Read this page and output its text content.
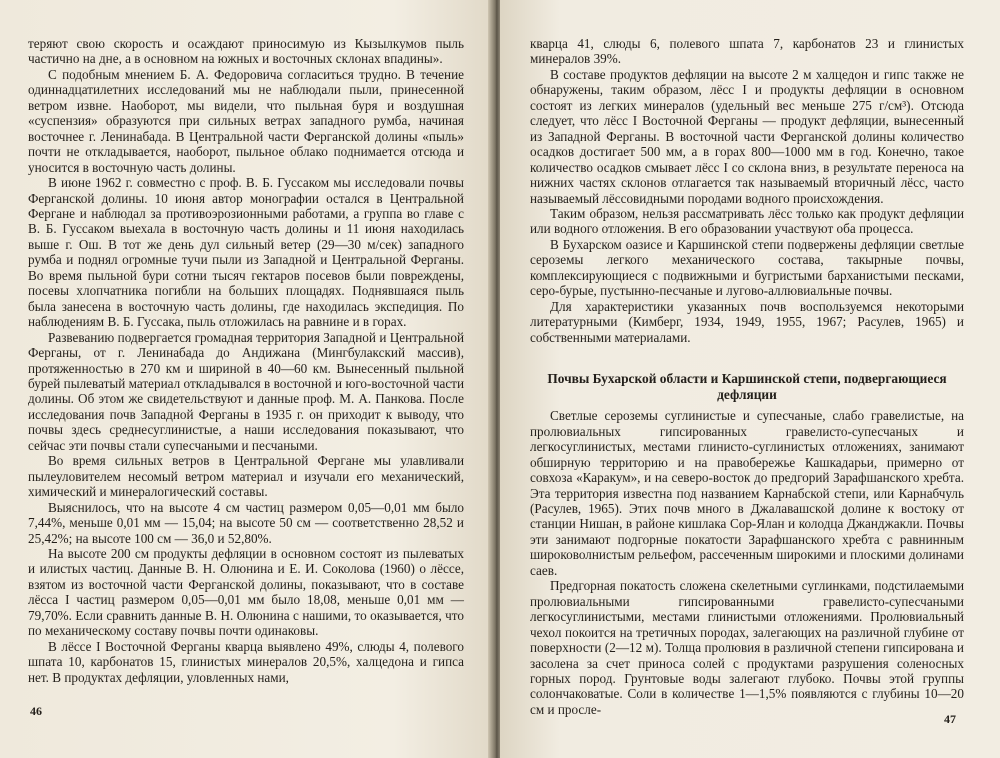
теряют свою скорость и осаждают приносимую из Кызылкумов пыль частично на дне, а в основном на южных и восточных склонах впадины».

С подобным мнением Б. А. Федоровича согласиться трудно. В течение одиннадцатилетних исследований мы не наблюдали пыли, принесенной ветром извне. Наоборот, мы видели, что пыльная буря и воздушная «суспензия» образуются при сильных ветрах западного румба, начиная восточнее г. Ленинабада. В Центральной части Ферганской долины «пыль» почти не откладывается, наоборот, пыльное облако поднимается отсюда и уносится в восточную часть долины.

В июне 1962 г. совместно с проф. В. Б. Гуссаком мы исследовали почвы Ферганской долины. 10 июня автор монографии остался в Центральной Фергане и наблюдал за противоэрозионными работами, а группа во главе с В. Б. Гуссаком выехала в восточную часть долины и 11 июня находилась выше г. Ош. В тот же день дул сильный ветер (29—30 м/сек) западного румба и поднял огромные тучи пыли из Западной и Центральной Ферганы. Во время пыльной бури сотни тысяч гектаров посевов были повреждены, посевы хлопчатника погибли на больших площадях. Поднявшаяся пыль была занесена в восточную часть долины, где находилась экспедиция. По наблюдениям В. Б. Гуссака, пыль отложилась на равнине и в горах.

Развеванию подвергается громадная территория Западной и Центральной Ферганы, от г. Ленинабада до Андижана (Мингбулакский массив), протяженностью в 270 км и шириной в 40—60 км. Вынесенный пыльной бурей пылеватый материал откладывался в восточной и юго-восточной части долины. Об этом же свидетельствуют и данные проф. М. А. Панкова. После исследования почв Западной Ферганы в 1935 г. он приходит к выводу, что почвы здесь среднесуглинистые, а наши исследования показывают, что сейчас эти почвы стали супесчаными и песчаными.

Во время сильных ветров в Центральной Фергане мы улавливали пылеуловителем несомый ветром материал и изучали его механический, химический и минералогический составы.

Выяснилось, что на высоте 4 см частиц размером 0,05—0,01 мм было 7,44%, меньше 0,01 мм — 15,04; на высоте 50 см — соответственно 28,52 и 25,42%; на высоте 100 см — 36,0 и 52,80%.

На высоте 200 см продукты дефляции в основном состоят из пылеватых и илистых частиц. Данные В. Н. Олюнина и Е. И. Соколова (1960) о лёссе, взятом из восточной части Ферганской долины, показывают, что в составе лёсса I частиц размером 0,05—0,01 мм было 18,08, меньше 0,01 мм — 79,70%. Если сравнить данные В. Н. Олюнина с нашими, то оказывается, что по механическому составу почвы почти одинаковы.

В лёссе I Восточной Ферганы кварца выявлено 49%, слюды 4, полевого шпата 10, карбонатов 15, глинистых минералов 20,5%, халцедона и гипса нет. В продуктах дефляции, уловленных нами,

46

кварца 41, слюды 6, полевого шпата 7, карбонатов 23 и глинистых минералов 39%.

В составе продуктов дефляции на высоте 2 м халцедон и гипс также не обнаружены, таким образом, лёсс I и продукты дефляции в основном состоят из легких минералов (удельный вес меньше 275 г/см³). Отсюда следует, что лёсс I Восточной Ферганы — продукт дефляции, вынесенный из Западной Ферганы. В восточной части Ферганской долины количество осадков достигает 500 мм, а в горах 800—1000 мм в год. Конечно, такое количество осадков смывает лёсс I со склона вниз, в результате переноса на нижних частях склонов отлагается так называемый вторичный лёсс, часто называемый лёссовидными породами водного происхождения.

Таким образом, нельзя рассматривать лёсс только как продукт дефляции или водного отложения. В его образовании участвуют оба процесса.

В Бухарском оазисе и Каршинской степи подвержены дефляции светлые сероземы легкого механического состава, такырные почвы, комплексирующиеся с подвижными и бугристыми барханистыми песками, серо-бурые, пустынно-песчаные и лугово-аллювиальные почвы.

Для характеристики указанных почв воспользуемся некоторыми литературными (Кимберг, 1934, 1949, 1955, 1967; Расулев, 1965) и собственными материалами.

Почвы Бухарской области и Каршинской степи, подвергающиеся дефляции

Светлые сероземы суглинистые и супесчаные, слабо гравелистые, на пролювиальных гипсированных гравелисто-супесчаных и легкосуглинистых, местами глинисто-суглинистых отложениях, занимают обширную территорию и на правобережье Кашкадарьи, примерно от совхоза «Каракум», и на северо-восток до предгорий Зарафшанского хребта. Эта территория известна под названием Карнабской степи, или Карнабчуль (Расулев, 1965). Этих почв много в Джалавашской долине к востоку от станции Нишан, в районе кишлака Сор-Ялан и колодца Джанджакли. Почвы эти занимают подгорные покатости Зарафшанского хребта с равнинным широковолнистым рельефом, рассеченным широкими и плоскими долинами саев.

Предгорная покатость сложена скелетными суглинками, подстилаемыми пролювиальными гипсированными гравелисто-супесчаными легкосуглинистыми, местами глинистыми отложениями. Пролювиальный чехол покоится на третичных породах, залегающих на различной глубине от поверхности (2—12 м). Толща пролювия в различной степени гипсирована и засолена за счет приноса солей с продуктами разрушения соленосных горных пород. Грунтовые воды залегают глубоко. Почвы этой группы солончаковатые. Соли в количестве 1—1,5% появляются с глубины 10—20 см и просле-

47
